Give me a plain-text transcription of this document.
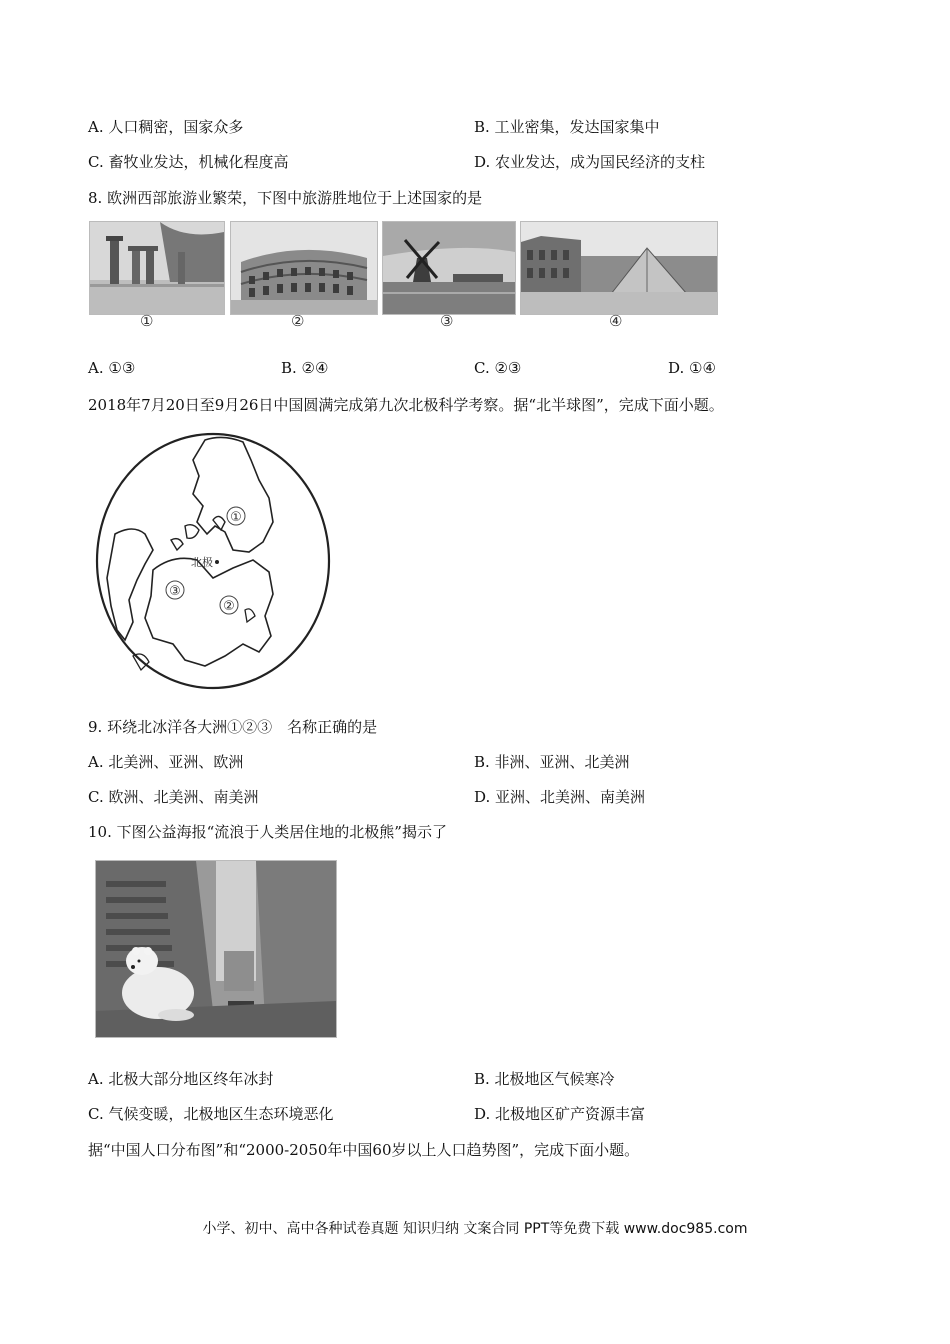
A. 人口稠密，国家众多	B. 工业密集，发达国家集中
C. 畜牧业发达，机械化程度高	D. 农业发达，成为国民经济的支柱
8. 欧洲西部旅游业繁荣，下图中旅游胜地位于上述国家的是
①	②	③	④
A. ①③	B. ②④	C. ②③	D. ①④
2018年7月20日至9月26日中国圆满完成第九次北极科学考察。据“北半球图”，完成下面小题。
①
②
③
北极
9. 环绕北冰洋各大洲①②③　名称正确的是
A. 北美洲、亚洲、欧洲	B. 非洲、亚洲、北美洲
C. 欧洲、北美洲、南美洲	D. 亚洲、北美洲、南美洲
10. 下图公益海报“流浪于人类居住地的北极熊”揭示了
A. 北极大部分地区终年冰封	B. 北极地区气候寒冷
C. 气候变暖，北极地区生态环境恶化	D. 北极地区矿产资源丰富
据“中国人口分布图”和“2000-2050年中国60岁以上人口趋势图”，完成下面小题。
小学、初中、高中各种试卷真题 知识归纳 文案合同 PPT等免费下载 www.doc985.com
